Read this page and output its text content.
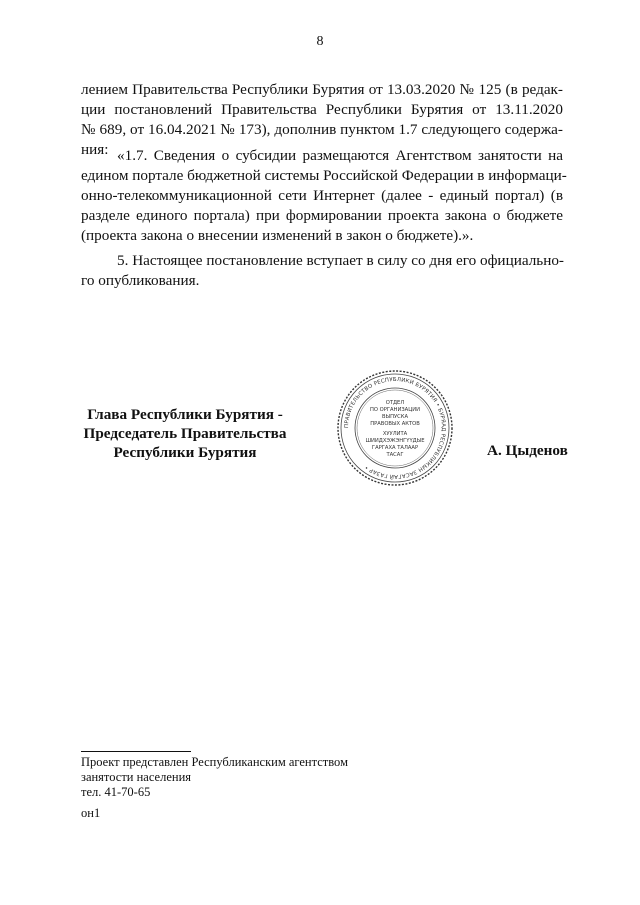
8
лением Правительства Республики Бурятия от 13.03.2020 № 125 (в редак-
ции постановлений Правительства Республики Бурятия от 13.11.2020
№ 689, от 16.04.2021 № 173), дополнив пунктом 1.7 следующего содержа-
ния: «1.7. Сведения о субсидии размещаются Агентством занятости на
едином портале бюджетной системы Российской Федерации в информаци-
онно-телекоммуникационной сети Интернет (далее - единый портал) (в
разделе единого портала) при формировании проекта закона о бюджете
(проекта закона о внесении изменений в закон о бюджете).».
5. Настоящее постановление вступает в силу со дня его официально-
го опубликования.
Глава Республики Бурятия -
Председатель Правительства
Республики Бурятия
ПРАВИТЕЛЬСТВО РЕСПУБЛИКИ БУРЯТИЯ • БУРЯАД РЕСПУБЛИКЫН ЗАСАГАЙ ГАЗАР •
ОТДЕЛ
ПО ОРГАНИЗАЦИИ
ВЫПУСКА
ПРАВОВЫХ АКТОВ
ХУУЛИТА
ШИИДХЭЖЭНГҮҮДЫЕ
ГАРГАХА ТАЛААР
ТАСАГ	А. Цыденов
Проект представлен Республиканским агентством
занятости населения
тел. 41-70-65
он1
